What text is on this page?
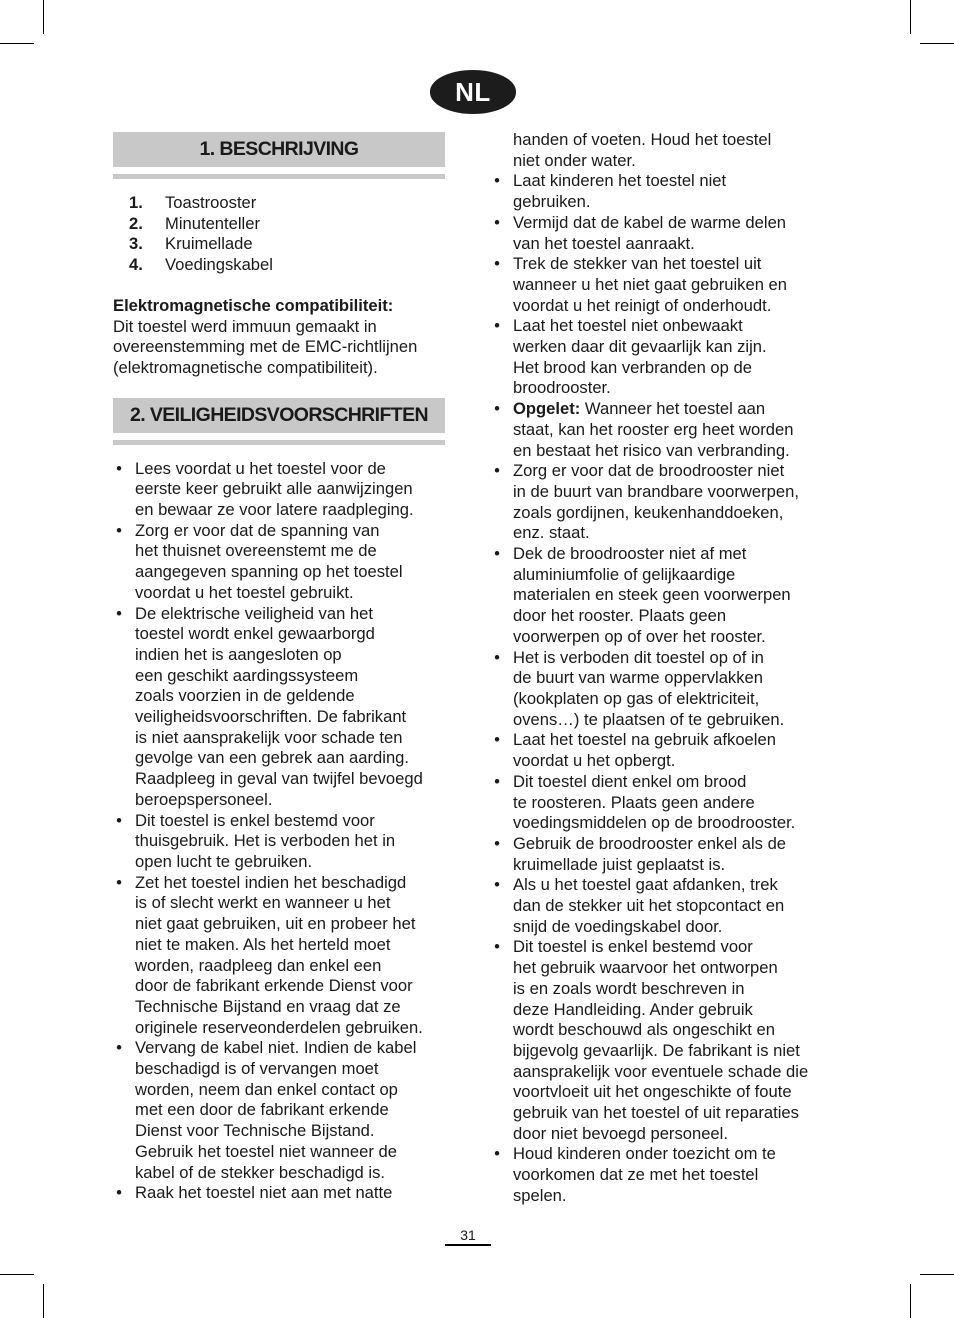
NL
1. BESCHRIJVING
1.	Toastrooster
2.	Minutenteller
3.	Kruimellade
4.	Voedingskabel
Elektromagnetische compatibiliteit:
Dit toestel werd immuun gemaakt in
overeenstemming met de EMC-richtlijnen
(elektromagnetische compatibiliteit).
2. VEILIGHEIDSVOORSCHRIFTEN
• Lees voordat u het toestel voor de
eerste keer gebruikt alle aanwijzingen
en bewaar ze voor latere raadpleging.
• Zorg er voor dat de spanning van
het thuisnet overeenstemt me de
aangegeven spanning op het toestel
voordat u het toestel gebruikt.
• De elektrische veiligheid van het
toestel wordt enkel gewaarborgd
indien het is aangesloten op
een geschikt aardingssysteem
zoals voorzien in de geldende
veiligheidsvoorschriften. De fabrikant
is niet aansprakelijk voor schade ten
gevolge van een gebrek aan aarding.
Raadpleeg in geval van twijfel bevoegd
beroepspersoneel.
• Dit toestel is enkel bestemd voor
thuisgebruik. Het is verboden het in
open lucht te gebruiken.
• Zet het toestel indien het beschadigd
is of slecht werkt en wanneer u het
niet gaat gebruiken, uit en probeer het
niet te maken. Als het herteld moet
worden, raadpleeg dan enkel een
door de fabrikant erkende Dienst voor
Technische Bijstand en vraag dat ze
originele reserveonderdelen gebruiken.
• Vervang de kabel niet. Indien de kabel
beschadigd is of vervangen moet
worden, neem dan enkel contact op
met een door de fabrikant erkende
Dienst voor Technische Bijstand.
Gebruik het toestel niet wanneer de
kabel of de stekker beschadigd is.
• Raak het toestel niet aan met natte
handen of voeten. Houd het toestel
niet onder water.
• Laat kinderen het toestel niet
gebruiken.
• Vermijd dat de kabel de warme delen
van het toestel aanraakt.
• Trek de stekker van het toestel uit
wanneer u het niet gaat gebruiken en
voordat u het reinigt of onderhoudt.
• Laat het toestel niet onbewaakt
werken daar dit gevaarlijk kan zijn.
Het brood kan verbranden op de
broodrooster.
• Opgelet: Wanneer het toestel aan
staat, kan het rooster erg heet worden
en bestaat het risico van verbranding.
• Zorg er voor dat de broodrooster niet
in de buurt van brandbare voorwerpen,
zoals gordijnen, keukenhanddoeken,
enz. staat.
• Dek de broodrooster niet af met
aluminiumfolie of gelijkaardige
materialen en steek geen voorwerpen
door het rooster. Plaats geen
voorwerpen op of over het rooster.
• Het is verboden dit toestel op of in
de buurt van warme oppervlakken
(kookplaten op gas of elektriciteit,
ovens…) te plaatsen of te gebruiken.
• Laat het toestel na gebruik afkoelen
voordat u het opbergt.
• Dit toestel dient enkel om brood
te roosteren. Plaats geen andere
voedingsmiddelen op de broodrooster.
• Gebruik de broodrooster enkel als de
kruimellade juist geplaatst is.
• Als u het toestel gaat afdanken, trek
dan de stekker uit het stopcontact en
snijd de voedingskabel door.
• Dit toestel is enkel bestemd voor
het gebruik waarvoor het ontworpen
is en zoals wordt beschreven in
deze Handleiding. Ander gebruik
wordt beschouwd als ongeschikt en
bijgevolg gevaarlijk. De fabrikant is niet
aansprakelijk voor eventuele schade die
voortvloeit uit het ongeschikte of foute
gebruik van het toestel of uit reparaties
door niet bevoegd personeel.
• Houd kinderen onder toezicht om te
voorkomen dat ze met het toestel
spelen.
31
